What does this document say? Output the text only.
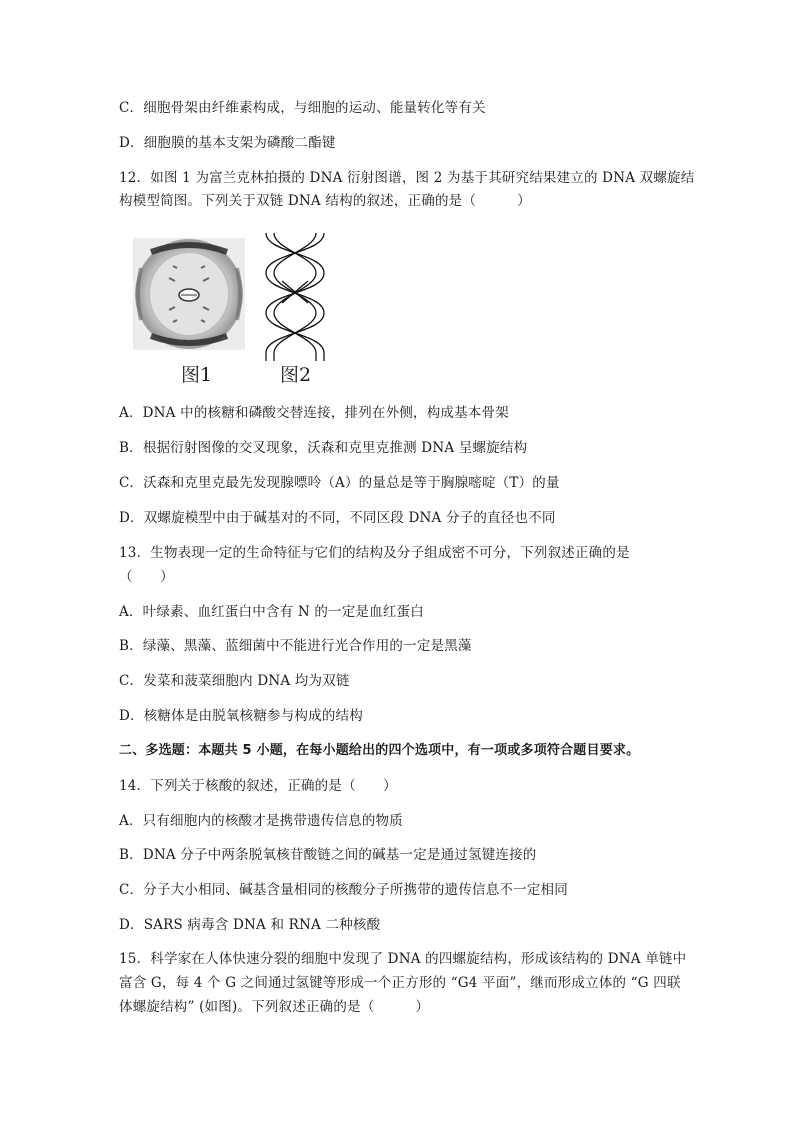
C．细胞骨架由纤维素构成，与细胞的运动、能量转化等有关
D．细胞膜的基本支架为磷酸二酯键
12．如图 1 为富兰克林拍摄的 DNA 衍射图谱，图 2 为基于其研究结果建立的 DNA 双螺旋结
构模型简图。下列关于双链 DNA 结构的叙述，正确的是（　　　）
图1	图2
A．DNA 中的核糖和磷酸交替连接，排列在外侧，构成基本骨架
B．根据衍射图像的交叉现象，沃森和克里克推测 DNA 呈螺旋结构
C．沃森和克里克最先发现腺嘌呤（A）的量总是等于胸腺嘧啶（T）的量
D．双螺旋模型中由于碱基对的不同，不同区段 DNA 分子的直径也不同
13．生物表现一定的生命特征与它们的结构及分子组成密不可分，下列叙述正确的是
（　　）
A．叶绿素、血红蛋白中含有 N 的一定是血红蛋白
B．绿藻、黑藻、蓝细菌中不能进行光合作用的一定是黑藻
C．发菜和菠菜细胞内 DNA 均为双链
D．核糖体是由脱氧核糖参与构成的结构
二、多选题：本题共 5 小题，在每小题给出的四个选项中，有一项或多项符合题目要求。
14．下列关于核酸的叙述，正确的是（　　）
A．只有细胞内的核酸才是携带遗传信息的物质
B．DNA 分子中两条脱氧核苷酸链之间的碱基一定是通过氢键连接的
C．分子大小相同、碱基含量相同的核酸分子所携带的遗传信息不一定相同
D．SARS 病毒含 DNA 和 RNA 二种核酸
15．科学家在人体快速分裂的细胞中发现了 DNA 的四螺旋结构，形成该结构的 DNA 单链中
富含 G，每 4 个 G 之间通过氢键等形成一个正方形的 “G4 平面”，继而形成立体的 “G 四联
体螺旋结构” (如图)。下列叙述正确的是（　　　）
